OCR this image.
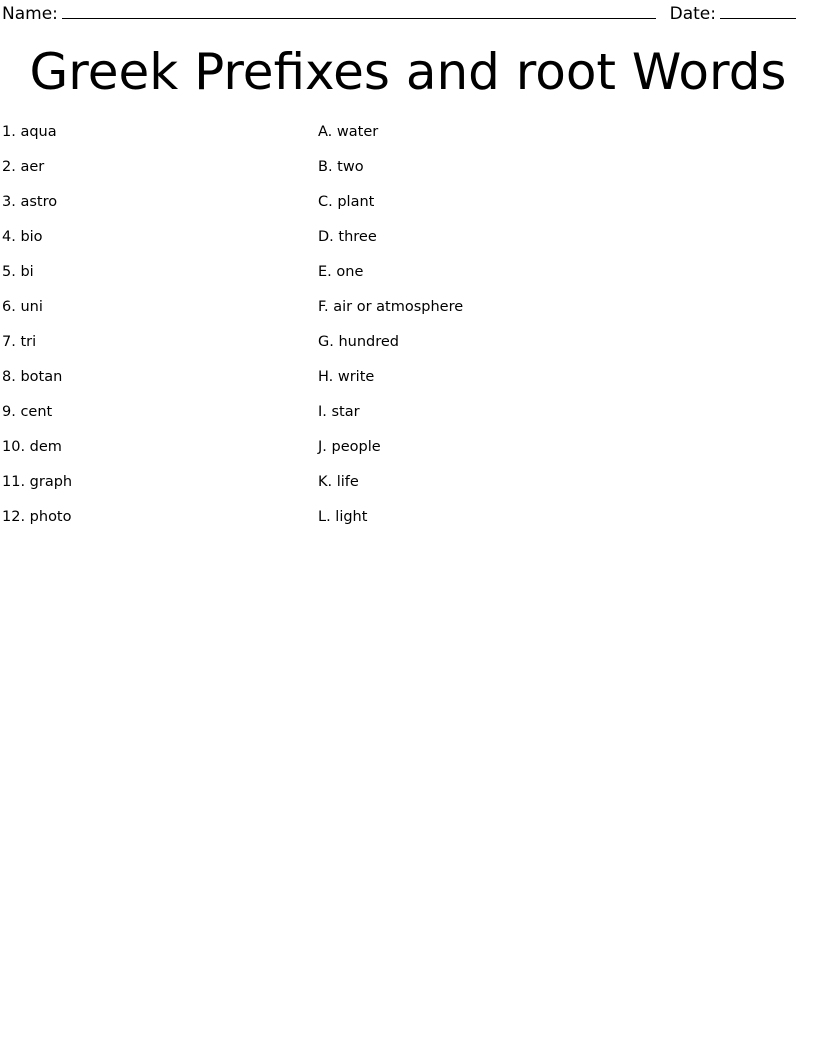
Name:	Date:
Greek Prefixes and root Words
1. aqua
2. aer
3. astro
4. bio
5. bi
6. uni
7. tri
8. botan
9. cent
10. dem
11. graph
12. photo
A. water
B. two
C. plant
D. three
E. one
F. air or atmosphere
G. hundred
H. write
I. star
J. people
K. life
L. light
